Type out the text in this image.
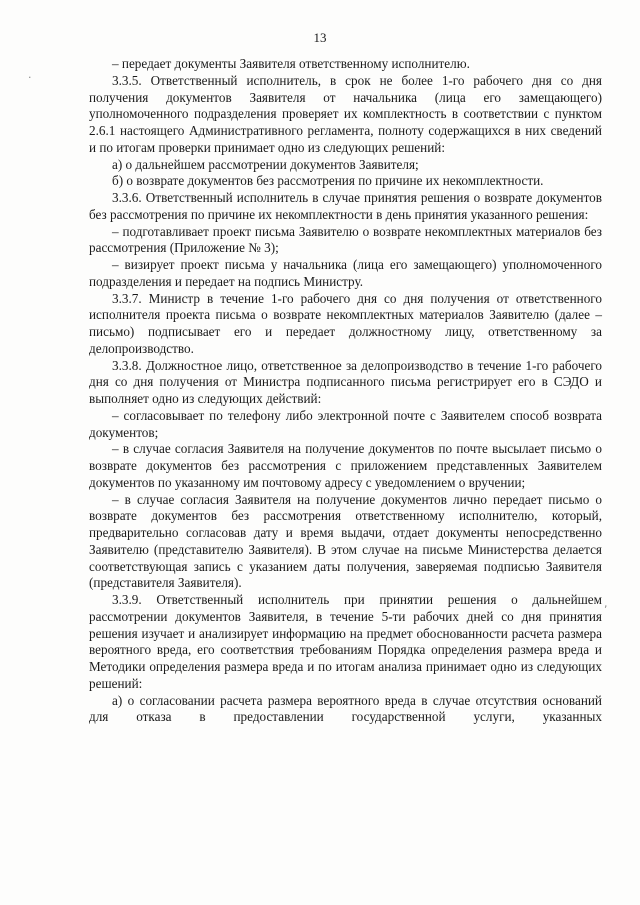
13
·
,

– передает документы Заявителя ответственному исполнителю.

3.3.5. Ответственный исполнитель, в срок не более 1-го рабочего дня со дня получения документов Заявителя от начальника (лица его замещающего) уполномоченного подразделения проверяет их комплектность в соответствии с пунктом 2.6.1 настоящего Административного регламента, полноту содержащихся в них сведений и по итогам проверки принимает одно из следующих решений:

а) о дальнейшем рассмотрении документов Заявителя;

б) о возврате документов без рассмотрения по причине их некомплектности.

3.3.6. Ответственный исполнитель в случае принятия решения о возврате документов без рассмотрения по причине их некомплектности в день принятия указанного решения:

– подготавливает проект письма Заявителю о возврате некомплектных материалов без рассмотрения (Приложение № 3);

– визирует проект письма у начальника (лица его замещающего) уполномоченного подразделения и передает на подпись Министру.

3.3.7. Министр в течение 1-го рабочего дня со дня получения от ответственного исполнителя проекта письма о возврате некомплектных материалов Заявителю (далее – письмо) подписывает его и передает должностному лицу, ответственному за делопроизводство.

3.3.8. Должностное лицо, ответственное за делопроизводство в течение 1-го рабочего дня со дня получения от Министра подписанного письма регистрирует его в СЭДО и выполняет одно из следующих действий:

– согласовывает по телефону либо электронной почте с Заявителем способ возврата документов;

– в случае согласия Заявителя на получение документов по почте высылает письмо о возврате документов без рассмотрения с приложением представленных Заявителем документов по указанному им почтовому адресу с уведомлением о вручении;

– в случае согласия Заявителя на получение документов лично передает письмо о возврате документов без рассмотрения ответственному исполнителю, который, предварительно согласовав дату и время выдачи, отдает документы непосредственно Заявителю (представителю Заявителя). В этом случае на письме Министерства делается соответствующая запись с указанием даты получения, заверяемая подписью Заявителя (представителя Заявителя).

3.3.9. Ответственный исполнитель при принятии решения о дальнейшем рассмотрении документов Заявителя, в течение 5-ти рабочих дней со дня принятия решения изучает и анализирует информацию на предмет обоснованности расчета размера вероятного вреда, его соответствия требованиям Порядка определения размера вреда и Методики определения размера вреда и по итогам анализа принимает одно из следующих решений:

а) о согласовании расчета размера вероятного вреда в случае отсутствия оснований для отказа в предоставлении государственной услуги, указанных
